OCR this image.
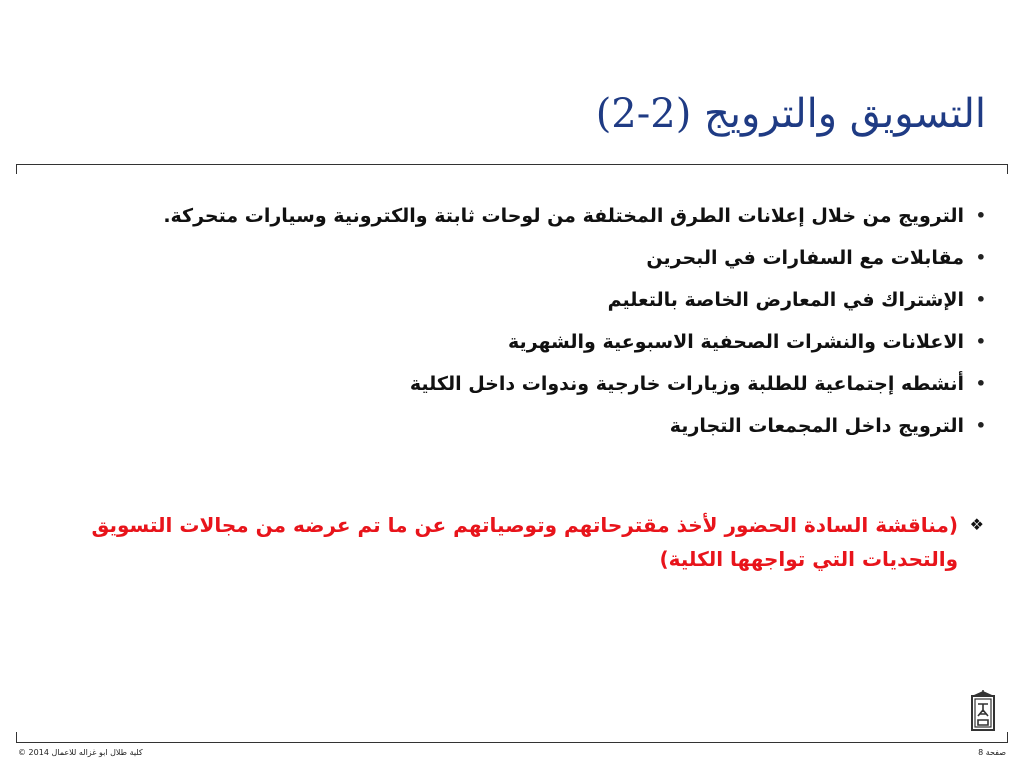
التسويق والترويج (2-2)
•
الترويج من خلال إعلانات الطرق المختلفة من لوحات ثابتة والكترونية وسيارات متحركة.
•
مقابلات مع السفارات في البحرين
•
الإشتراك في المعارض الخاصة بالتعليم
•
الاعلانات والنشرات الصحفية الاسبوعية والشهرية
•
أنشطه إجتماعية للطلبة وزيارات خارجية وندوات داخل الكلية
•
الترويج داخل المجمعات التجارية
❖
(مناقشة السادة الحضور لأخذ مقترحاتهم وتوصياتهم عن ما تم عرضه من مجالات التسويق والتحديات التي تواجهها الكلية)
كلية طلال ابو غزاله للاعمال 2014 ©	صفحة 8
